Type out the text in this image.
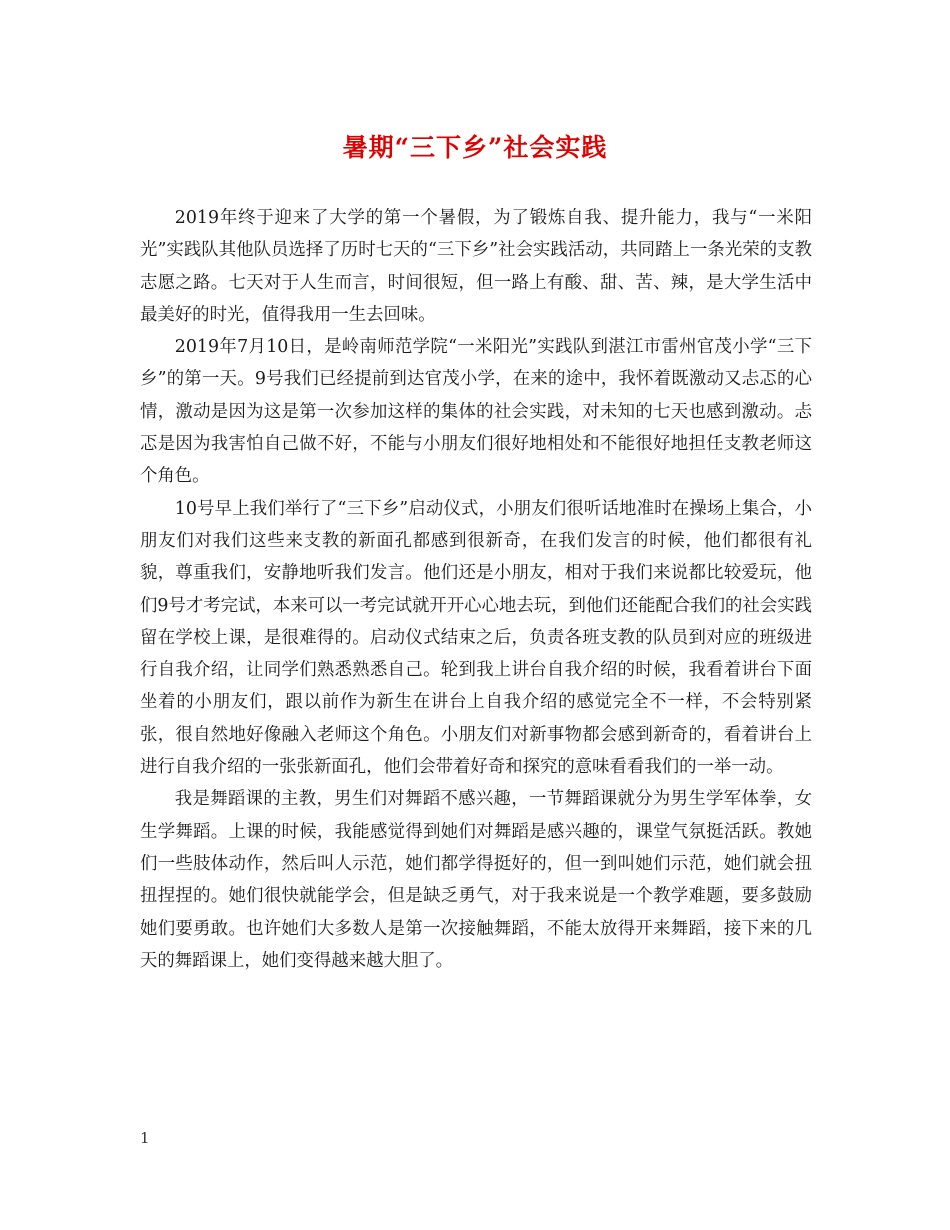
暑期“三下乡”社会实践

2019年终于迎来了大学的第一个暑假，为了锻炼自我、提升能力，我与“一米阳光”实践队其他队员选择了历时七天的“三下乡”社会实践活动，共同踏上一条光荣的支教志愿之路。七天对于人生而言，时间很短，但一路上有酸、甜、苦、辣，是大学生活中最美好的时光，值得我用一生去回味。

2019年7月10日，是岭南师范学院“一米阳光”实践队到湛江市雷州官茂小学“三下乡”的第一天。9号我们已经提前到达官茂小学，在来的途中，我怀着既激动又忐忑的心情，激动是因为这是第一次参加这样的集体的社会实践，对未知的七天也感到激动。忐忑是因为我害怕自己做不好，不能与小朋友们很好地相处和不能很好地担任支教老师这个角色。

10号早上我们举行了“三下乡”启动仪式，小朋友们很听话地准时在操场上集合，小朋友们对我们这些来支教的新面孔都感到很新奇，在我们发言的时候，他们都很有礼貌，尊重我们，安静地听我们发言。他们还是小朋友，相对于我们来说都比较爱玩，他们9号才考完试，本来可以一考完试就开开心心地去玩，到他们还能配合我们的社会实践留在学校上课，是很难得的。启动仪式结束之后，负责各班支教的队员到对应的班级进行自我介绍，让同学们熟悉熟悉自己。轮到我上讲台自我介绍的时候，我看着讲台下面坐着的小朋友们，跟以前作为新生在讲台上自我介绍的感觉完全不一样，不会特别紧张，很自然地好像融入老师这个角色。小朋友们对新事物都会感到新奇的，看着讲台上进行自我介绍的一张张新面孔，他们会带着好奇和探究的意味看看我们的一举一动。

我是舞蹈课的主教，男生们对舞蹈不感兴趣，一节舞蹈课就分为男生学军体拳，女生学舞蹈。上课的时候，我能感觉得到她们对舞蹈是感兴趣的，课堂气氛挺活跃。教她们一些肢体动作，然后叫人示范，她们都学得挺好的，但一到叫她们示范，她们就会扭扭捏捏的。她们很快就能学会，但是缺乏勇气，对于我来说是一个教学难题，要多鼓励她们要勇敢。也许她们大多数人是第一次接触舞蹈，不能太放得开来舞蹈，接下来的几天的舞蹈课上，她们变得越来越大胆了。

1
